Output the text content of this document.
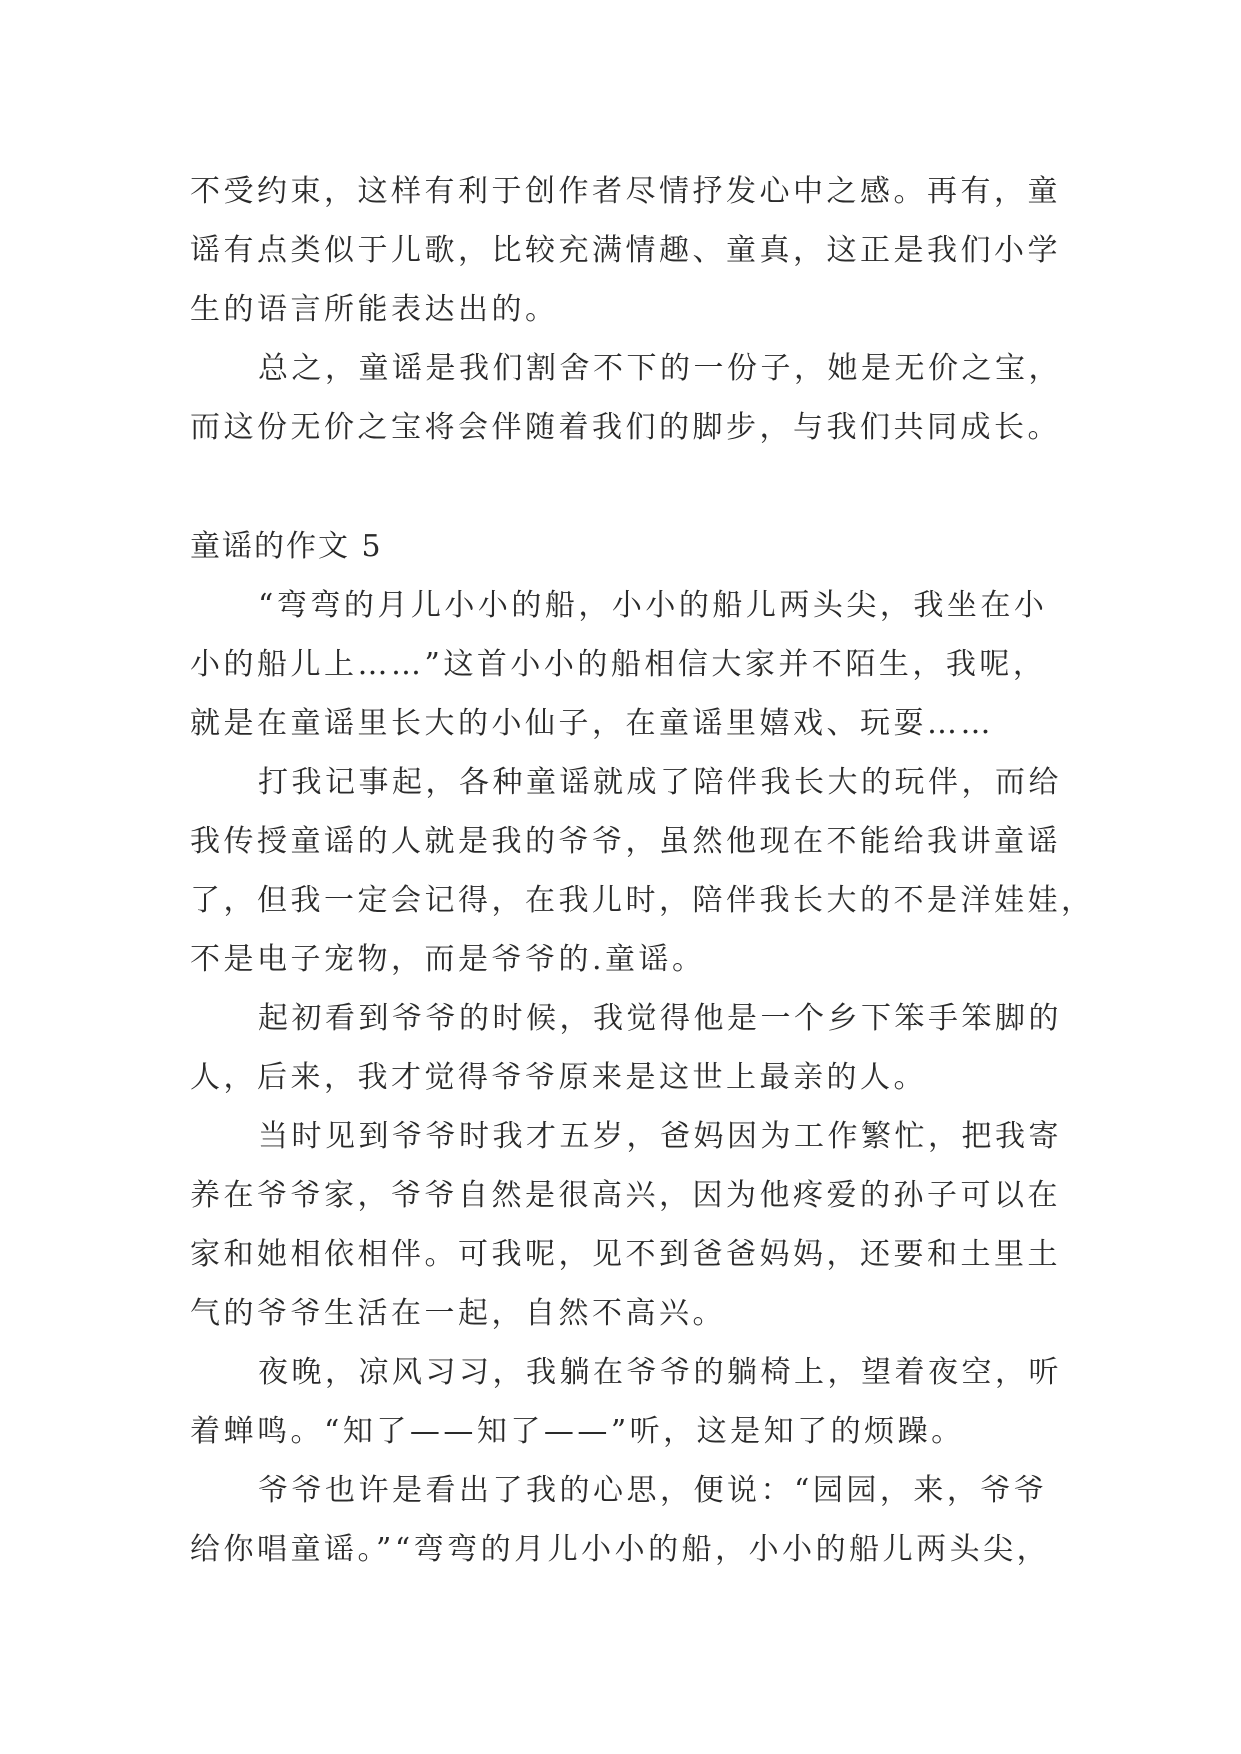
不受约束，这样有利于创作者尽情抒发心中之感。再有，童
谣有点类似于儿歌，比较充满情趣、童真，这正是我们小学
生的语言所能表达出的。
总之，童谣是我们割舍不下的一份子，她是无价之宝，
而这份无价之宝将会伴随着我们的脚步，与我们共同成长。
童谣的作文 5
“弯弯的月儿小小的船，小小的船儿两头尖，我坐在小
小的船儿上……”这首小小的船相信大家并不陌生，我呢，
就是在童谣里长大的小仙子，在童谣里嬉戏、玩耍……
打我记事起，各种童谣就成了陪伴我长大的玩伴，而给
我传授童谣的人就是我的爷爷，虽然他现在不能给我讲童谣
了，但我一定会记得，在我儿时，陪伴我长大的不是洋娃娃，
不是电子宠物，而是爷爷的.童谣。
起初看到爷爷的时候，我觉得他是一个乡下笨手笨脚的
人，后来，我才觉得爷爷原来是这世上最亲的人。
当时见到爷爷时我才五岁，爸妈因为工作繁忙，把我寄
养在爷爷家，爷爷自然是很高兴，因为他疼爱的孙子可以在
家和她相依相伴。可我呢，见不到爸爸妈妈，还要和土里土
气的爷爷生活在一起，自然不高兴。
夜晚，凉风习习，我躺在爷爷的躺椅上，望着夜空，听
着蝉鸣。“知了——知了——”听，这是知了的烦躁。
爷爷也许是看出了我的心思，便说：“园园，来，爷爷
给你唱童谣。”“弯弯的月儿小小的船，小小的船儿两头尖，
